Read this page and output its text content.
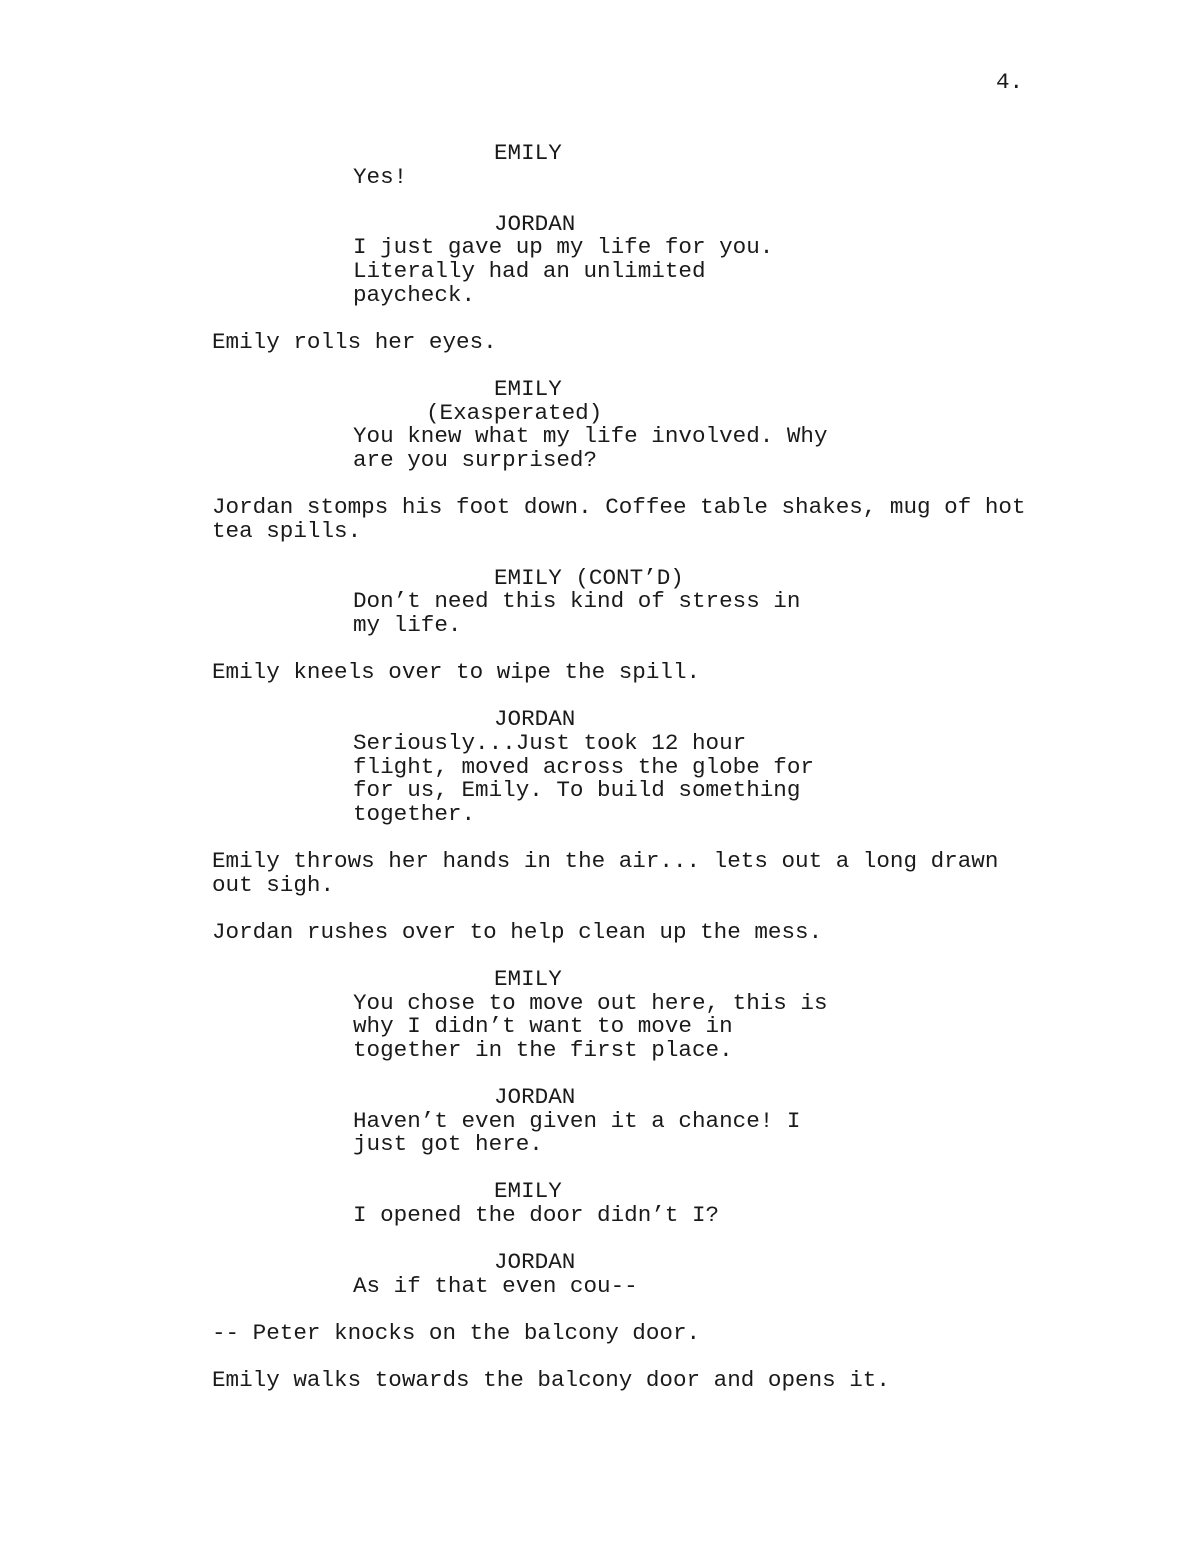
4.
EMILY
Yes!
JORDAN
I just gave up my life for you.
Literally had an unlimited
paycheck.
Emily rolls her eyes.
EMILY
(Exasperated)
You knew what my life involved. Why
are you surprised?
Jordan stomps his foot down. Coffee table shakes, mug of hot
tea spills.
EMILY (CONT’D)
Don’t need this kind of stress in
my life.
Emily kneels over to wipe the spill.
JORDAN
Seriously...Just took 12 hour
flight, moved across the globe for
for us, Emily. To build something
together.
Emily throws her hands in the air... lets out a long drawn
out sigh.
Jordan rushes over to help clean up the mess.
EMILY
You chose to move out here, this is
why I didn’t want to move in
together in the first place.
JORDAN
Haven’t even given it a chance! I
just got here.
EMILY
I opened the door didn’t I?
JORDAN
As if that even cou--
-- Peter knocks on the balcony door.
Emily walks towards the balcony door and opens it.
